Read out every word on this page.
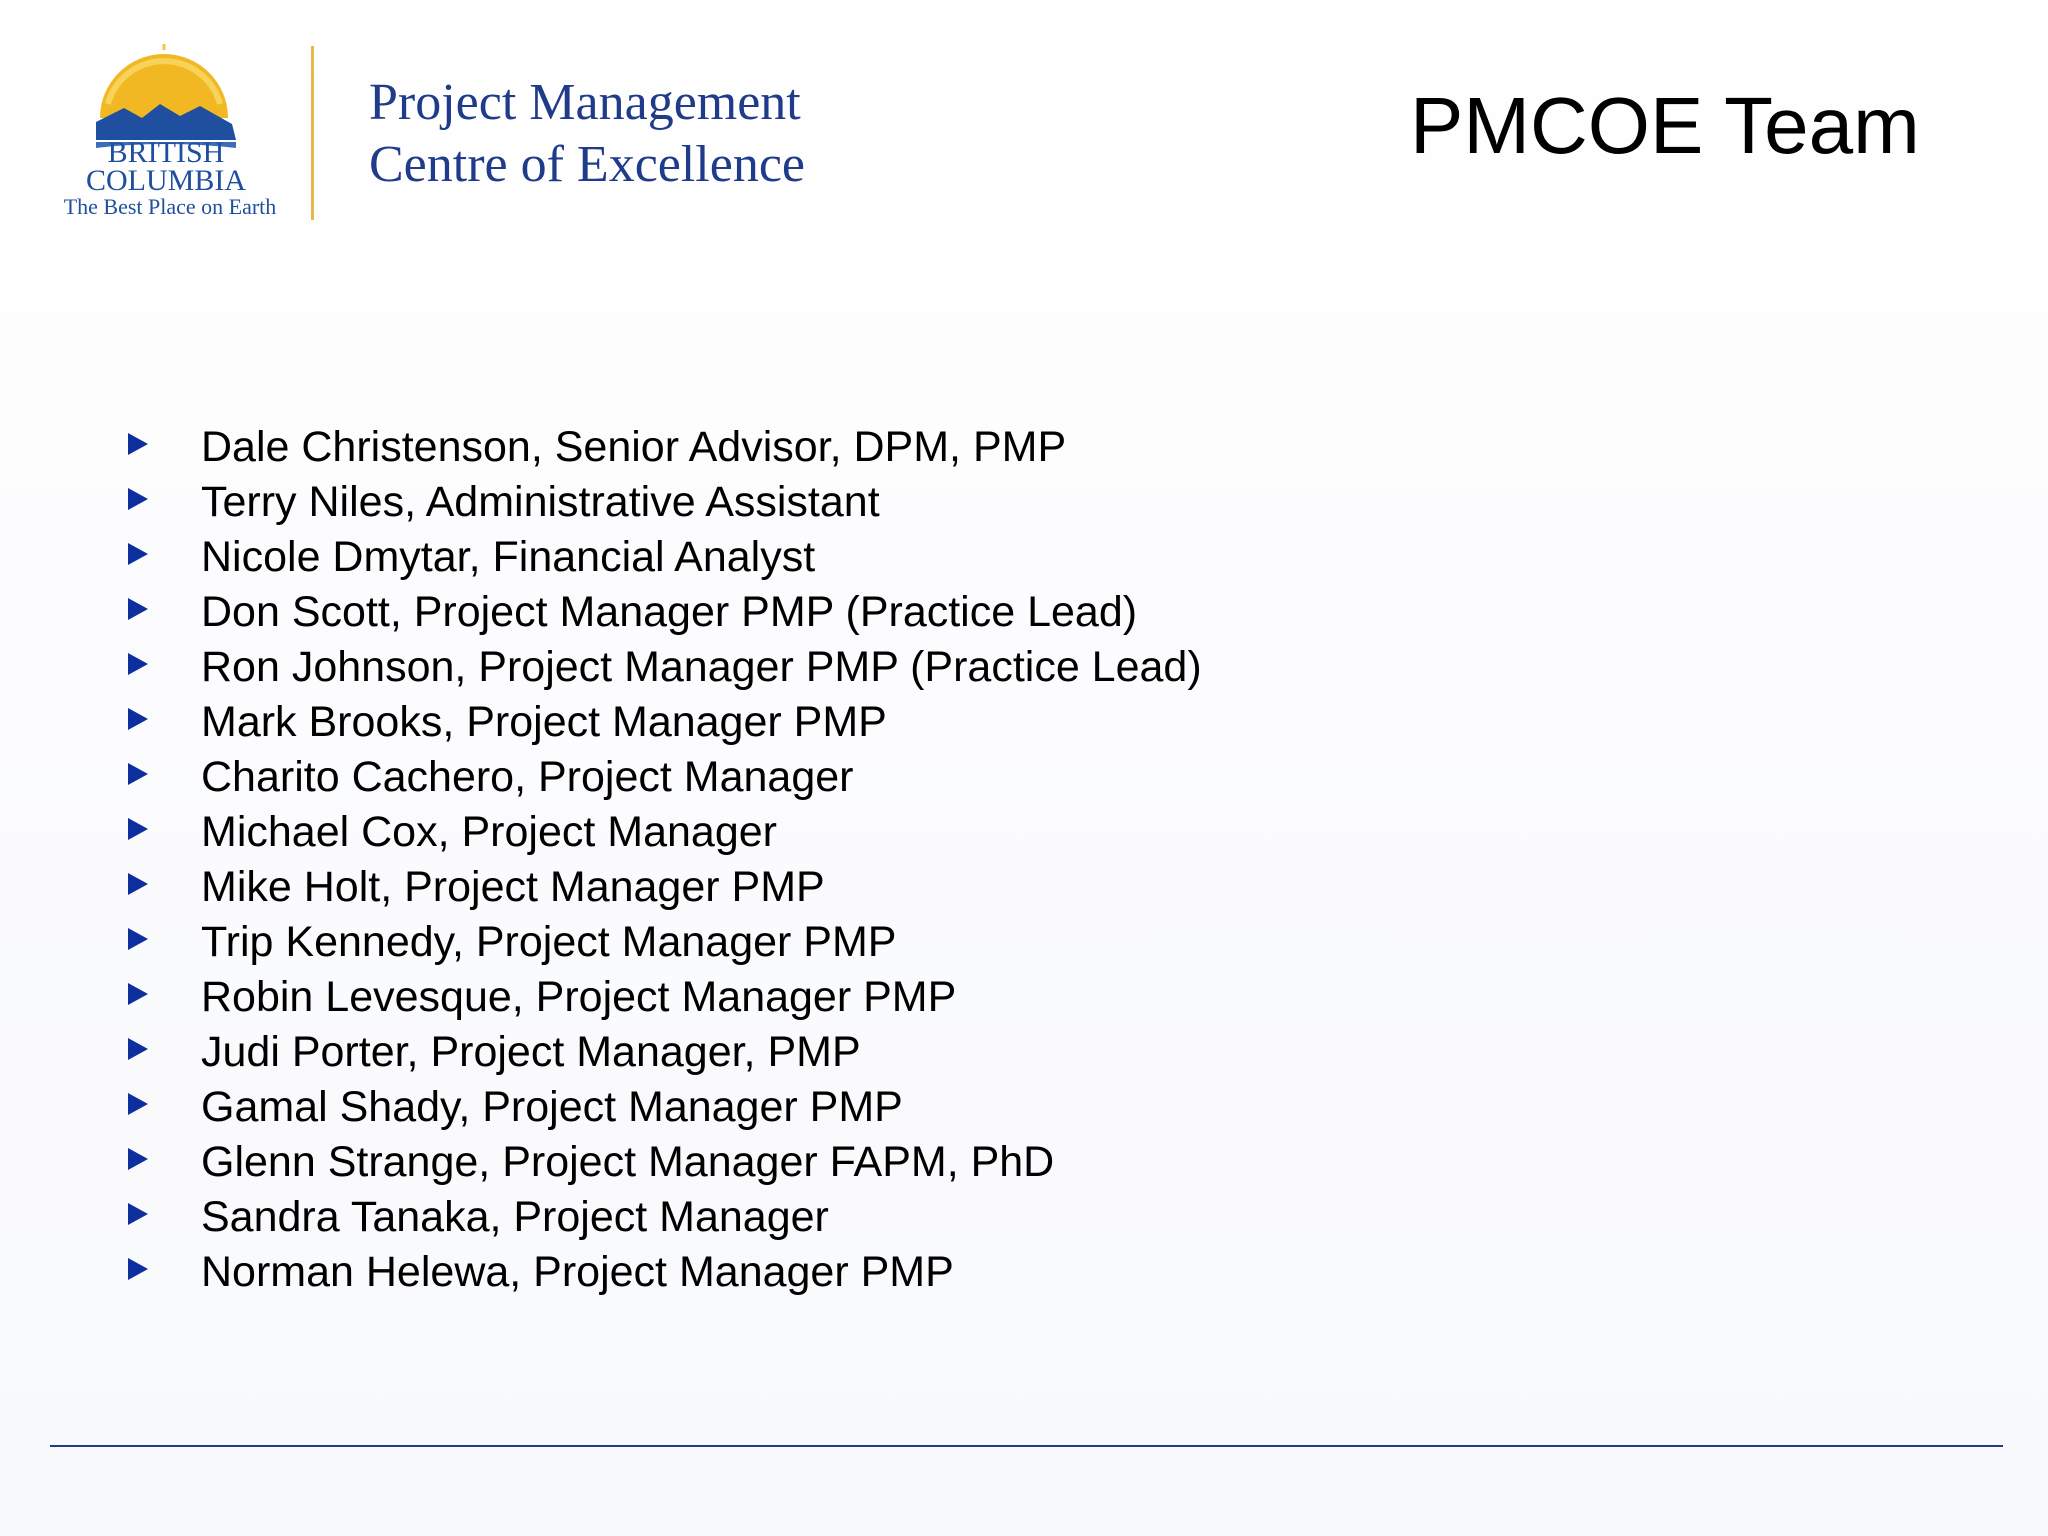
BRITISH
COLUMBIA
The Best Place on Earth
Project Management
Centre of Excellence	PMCOE Team
Dale Christenson, Senior Advisor, DPM, PMP
Terry Niles, Administrative Assistant
Nicole Dmytar, Financial Analyst
Don Scott, Project Manager PMP (Practice Lead)
Ron Johnson, Project Manager PMP (Practice Lead)
Mark Brooks, Project Manager PMP
Charito Cachero, Project Manager
Michael Cox, Project Manager
Mike Holt, Project Manager PMP
Trip Kennedy, Project Manager PMP
Robin Levesque, Project Manager PMP
Judi Porter, Project Manager, PMP
Gamal Shady, Project Manager PMP
Glenn Strange, Project Manager FAPM, PhD
Sandra Tanaka, Project Manager
Norman Helewa, Project Manager PMP
